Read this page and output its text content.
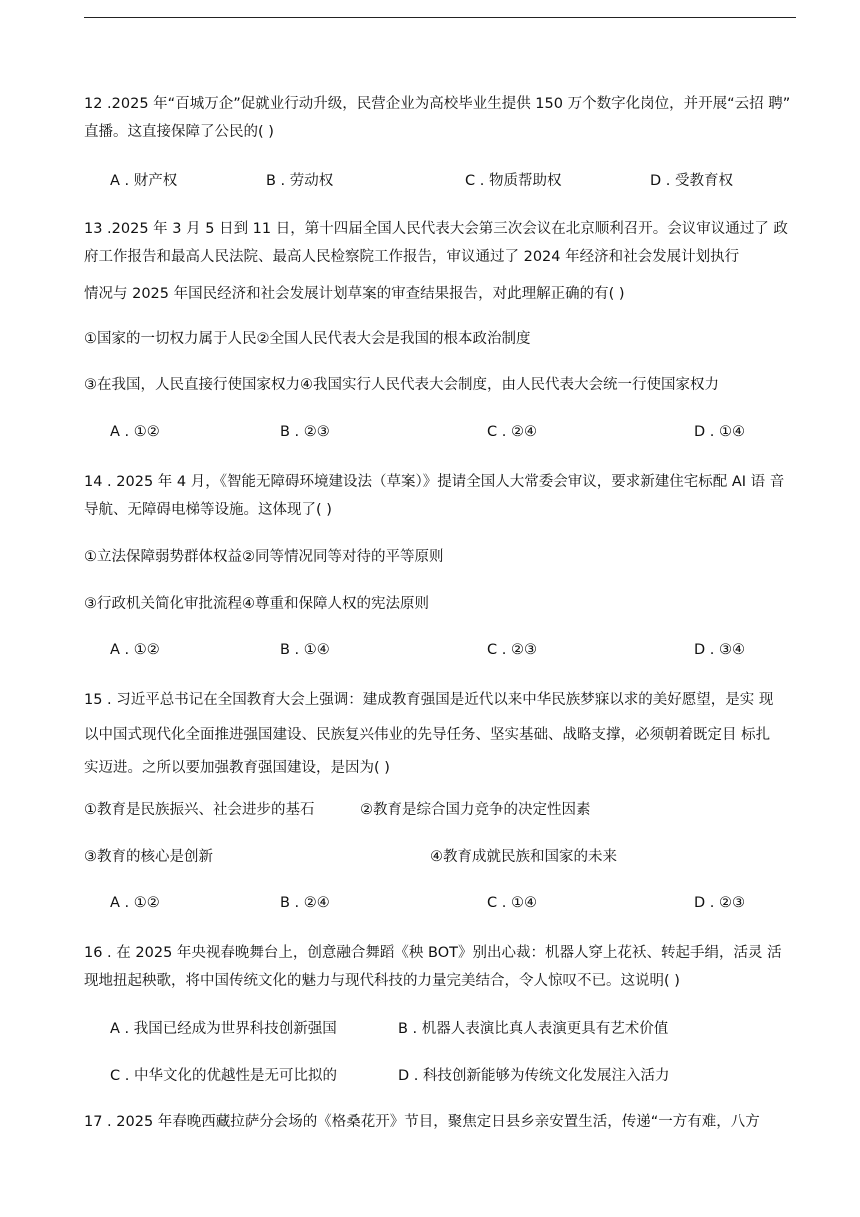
12 .2025 年“百城万企”促就业行动升级，民营企业为高校毕业生提供 150 万个数字化岗位，并开展“云招 聘”
直播。这直接保障了公民的( )
A . 财产权	B . 劳动权	C . 物质帮助权	D . 受教育权
13 .2025 年 3 月 5 日到 11 日，第十四届全国人民代表大会第三次会议在北京顺利召开。会议审议通过了 政
府工作报告和最高人民法院、最高人民检察院工作报告，审议通过了 2024 年经济和社会发展计划执行
情况与 2025 年国民经济和社会发展计划草案的审查结果报告，对此理解正确的有( )
①国家的一切权力属于人民②全国人民代表大会是我国的根本政治制度
③在我国，人民直接行使国家权力④我国实行人民代表大会制度，由人民代表大会统一行使国家权力
A . ①②	B . ②③	C . ②④	D . ①④
14 . 2025 年 4 月，《智能无障碍环境建设法（草案）》提请全国人大常委会审议，要求新建住宅标配 AI 语 音
导航、无障碍电梯等设施。这体现了( )
①立法保障弱势群体权益②同等情况同等对待的平等原则
③行政机关简化审批流程④尊重和保障人权的宪法原则
A . ①②	B . ①④	C . ②③	D . ③④
15 . 习近平总书记在全国教育大会上强调：建成教育强国是近代以来中华民族梦寐以求的美好愿望，是实 现
以中国式现代化全面推进强国建设、民族复兴伟业的先导任务、坚实基础、战略支撑，必须朝着既定目 标扎
实迈进。之所以要加强教育强国建设，是因为( )
①教育是民族振兴、社会进步的基石	②教育是综合国力竞争的决定性因素
③教育的核心是创新	④教育成就民族和国家的未来
A . ①②	B . ②④	C . ①④	D . ②③
16 . 在 2025 年央视春晚舞台上，创意融合舞蹈《秧 BOT》别出心裁：机器人穿上花袄、转起手绢，活灵 活
现地扭起秧歌，将中国传统文化的魅力与现代科技的力量完美结合，令人惊叹不已。这说明( )
A . 我国已经成为世界科技创新强国	B . 机器人表演比真人表演更具有艺术价值
C . 中华文化的优越性是无可比拟的	D . 科技创新能够为传统文化发展注入活力
17 . 2025 年春晚西藏拉萨分会场的《格桑花开》节目，聚焦定日县乡亲安置生活，传递“一方有难，八方
